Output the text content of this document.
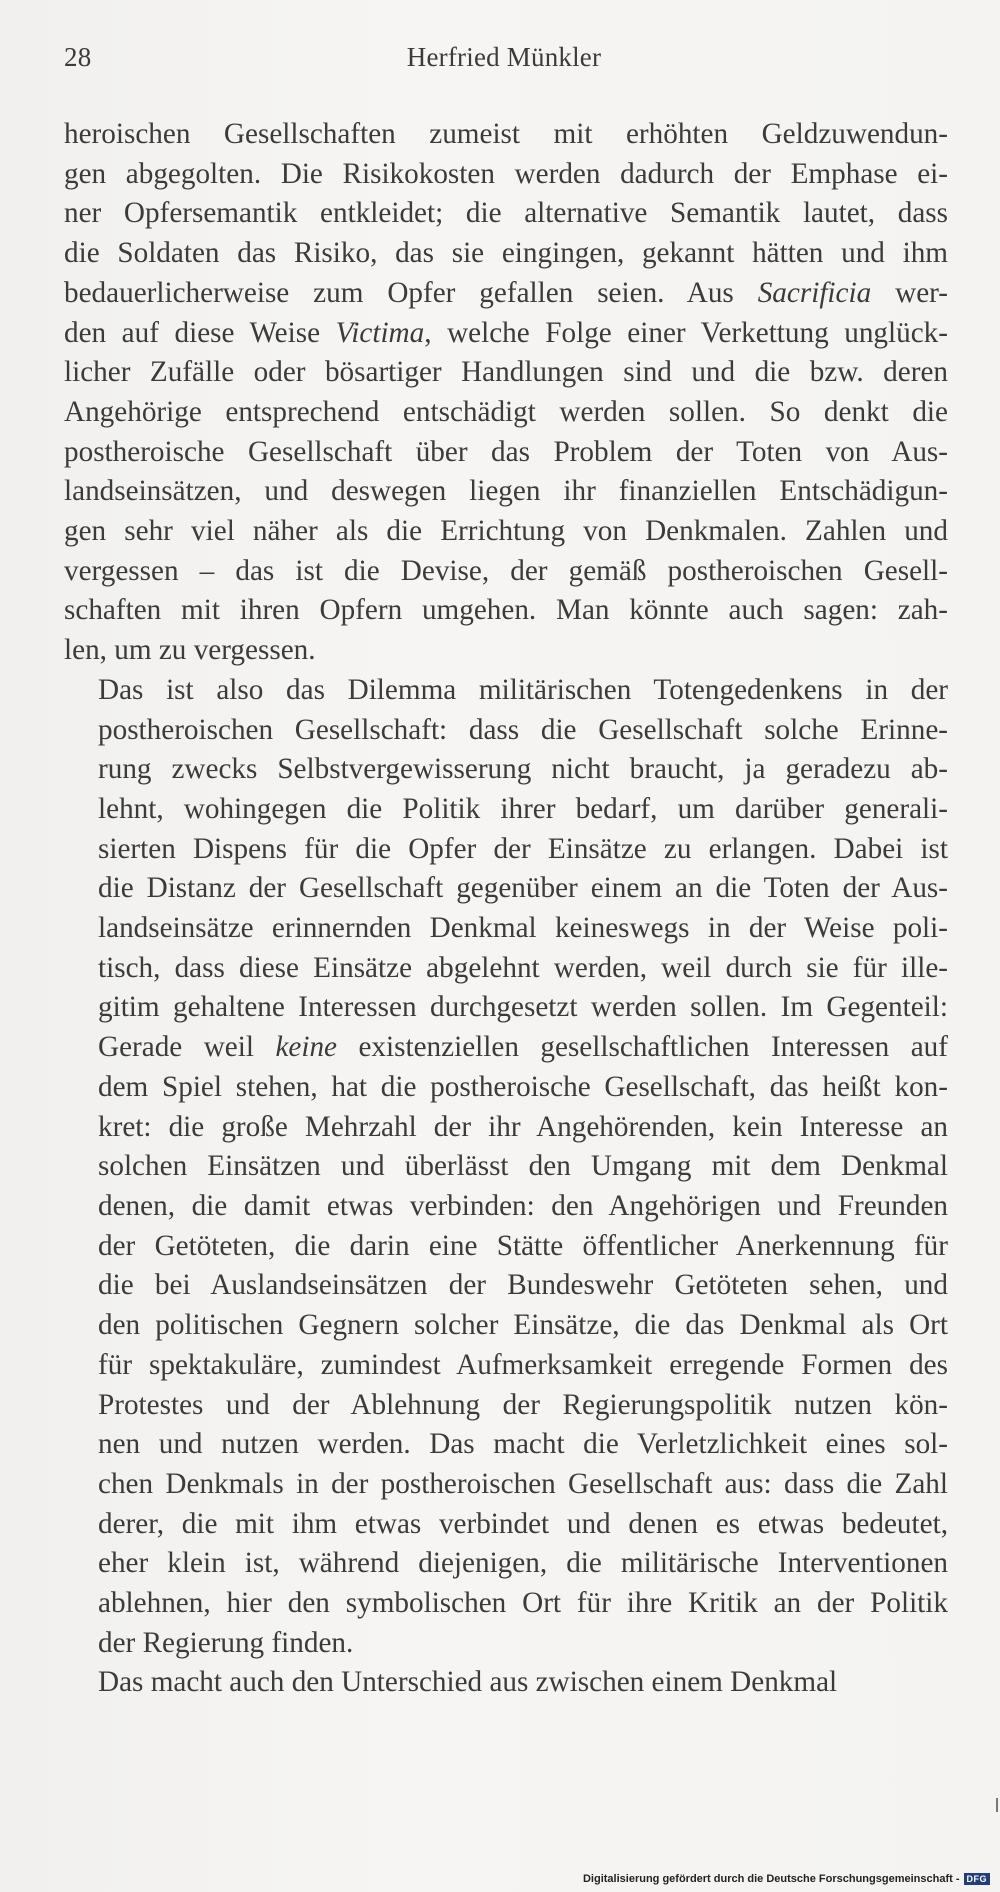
28	Herfried Münkler

heroischen Gesellschaften zumeist mit erhöhten Geldzuwendun-
gen abgegolten. Die Risikokosten werden dadurch der Emphase ei-
ner Opfersemantik entkleidet; die alternative Semantik lautet, dass
die Soldaten das Risiko, das sie eingingen, gekannt hätten und ihm
bedauerlicherweise zum Opfer gefallen seien. Aus Sacrificia wer-
den auf diese Weise Victima, welche Folge einer Verkettung unglück-
licher Zufälle oder bösartiger Handlungen sind und die bzw. deren
Angehörige entsprechend entschädigt werden sollen. So denkt die
postheroische Gesellschaft über das Problem der Toten von Aus-
landseinsätzen, und deswegen liegen ihr finanziellen Entschädigun-
gen sehr viel näher als die Errichtung von Denkmalen. Zahlen und
vergessen – das ist die Devise, der gemäß postheroischen Gesell-
schaften mit ihren Opfern umgehen. Man könnte auch sagen: zah-
len, um zu vergessen.

Das ist also das Dilemma militärischen Totengedenkens in der
postheroischen Gesellschaft: dass die Gesellschaft solche Erinne-
rung zwecks Selbstvergewisserung nicht braucht, ja geradezu ab-
lehnt, wohingegen die Politik ihrer bedarf, um darüber generali-
sierten Dispens für die Opfer der Einsätze zu erlangen. Dabei ist
die Distanz der Gesellschaft gegenüber einem an die Toten der Aus-
landseinsätze erinnernden Denkmal keineswegs in der Weise poli-
tisch, dass diese Einsätze abgelehnt werden, weil durch sie für ille-
gitim gehaltene Interessen durchgesetzt werden sollen. Im Gegenteil:
Gerade weil keine existenziellen gesellschaftlichen Interessen auf
dem Spiel stehen, hat die postheroische Gesellschaft, das heißt kon-
kret: die große Mehrzahl der ihr Angehörenden, kein Interesse an
solchen Einsätzen und überlässt den Umgang mit dem Denkmal
denen, die damit etwas verbinden: den Angehörigen und Freunden
der Getöteten, die darin eine Stätte öffentlicher Anerkennung für
die bei Auslandseinsätzen der Bundeswehr Getöteten sehen, und
den politischen Gegnern solcher Einsätze, die das Denkmal als Ort
für spektakuläre, zumindest Aufmerksamkeit erregende Formen des
Protestes und der Ablehnung der Regierungspolitik nutzen kön-
nen und nutzen werden. Das macht die Verletzlichkeit eines sol-
chen Denkmals in der postheroischen Gesellschaft aus: dass die Zahl
derer, die mit ihm etwas verbindet und denen es etwas bedeutet,
eher klein ist, während diejenigen, die militärische Interventionen
ablehnen, hier den symbolischen Ort für ihre Kritik an der Politik
der Regierung finden.

Das macht auch den Unterschied aus zwischen einem Denkmal

Digitalisierung gefördert durch die Deutsche Forschungsgemeinschaft - DFG
